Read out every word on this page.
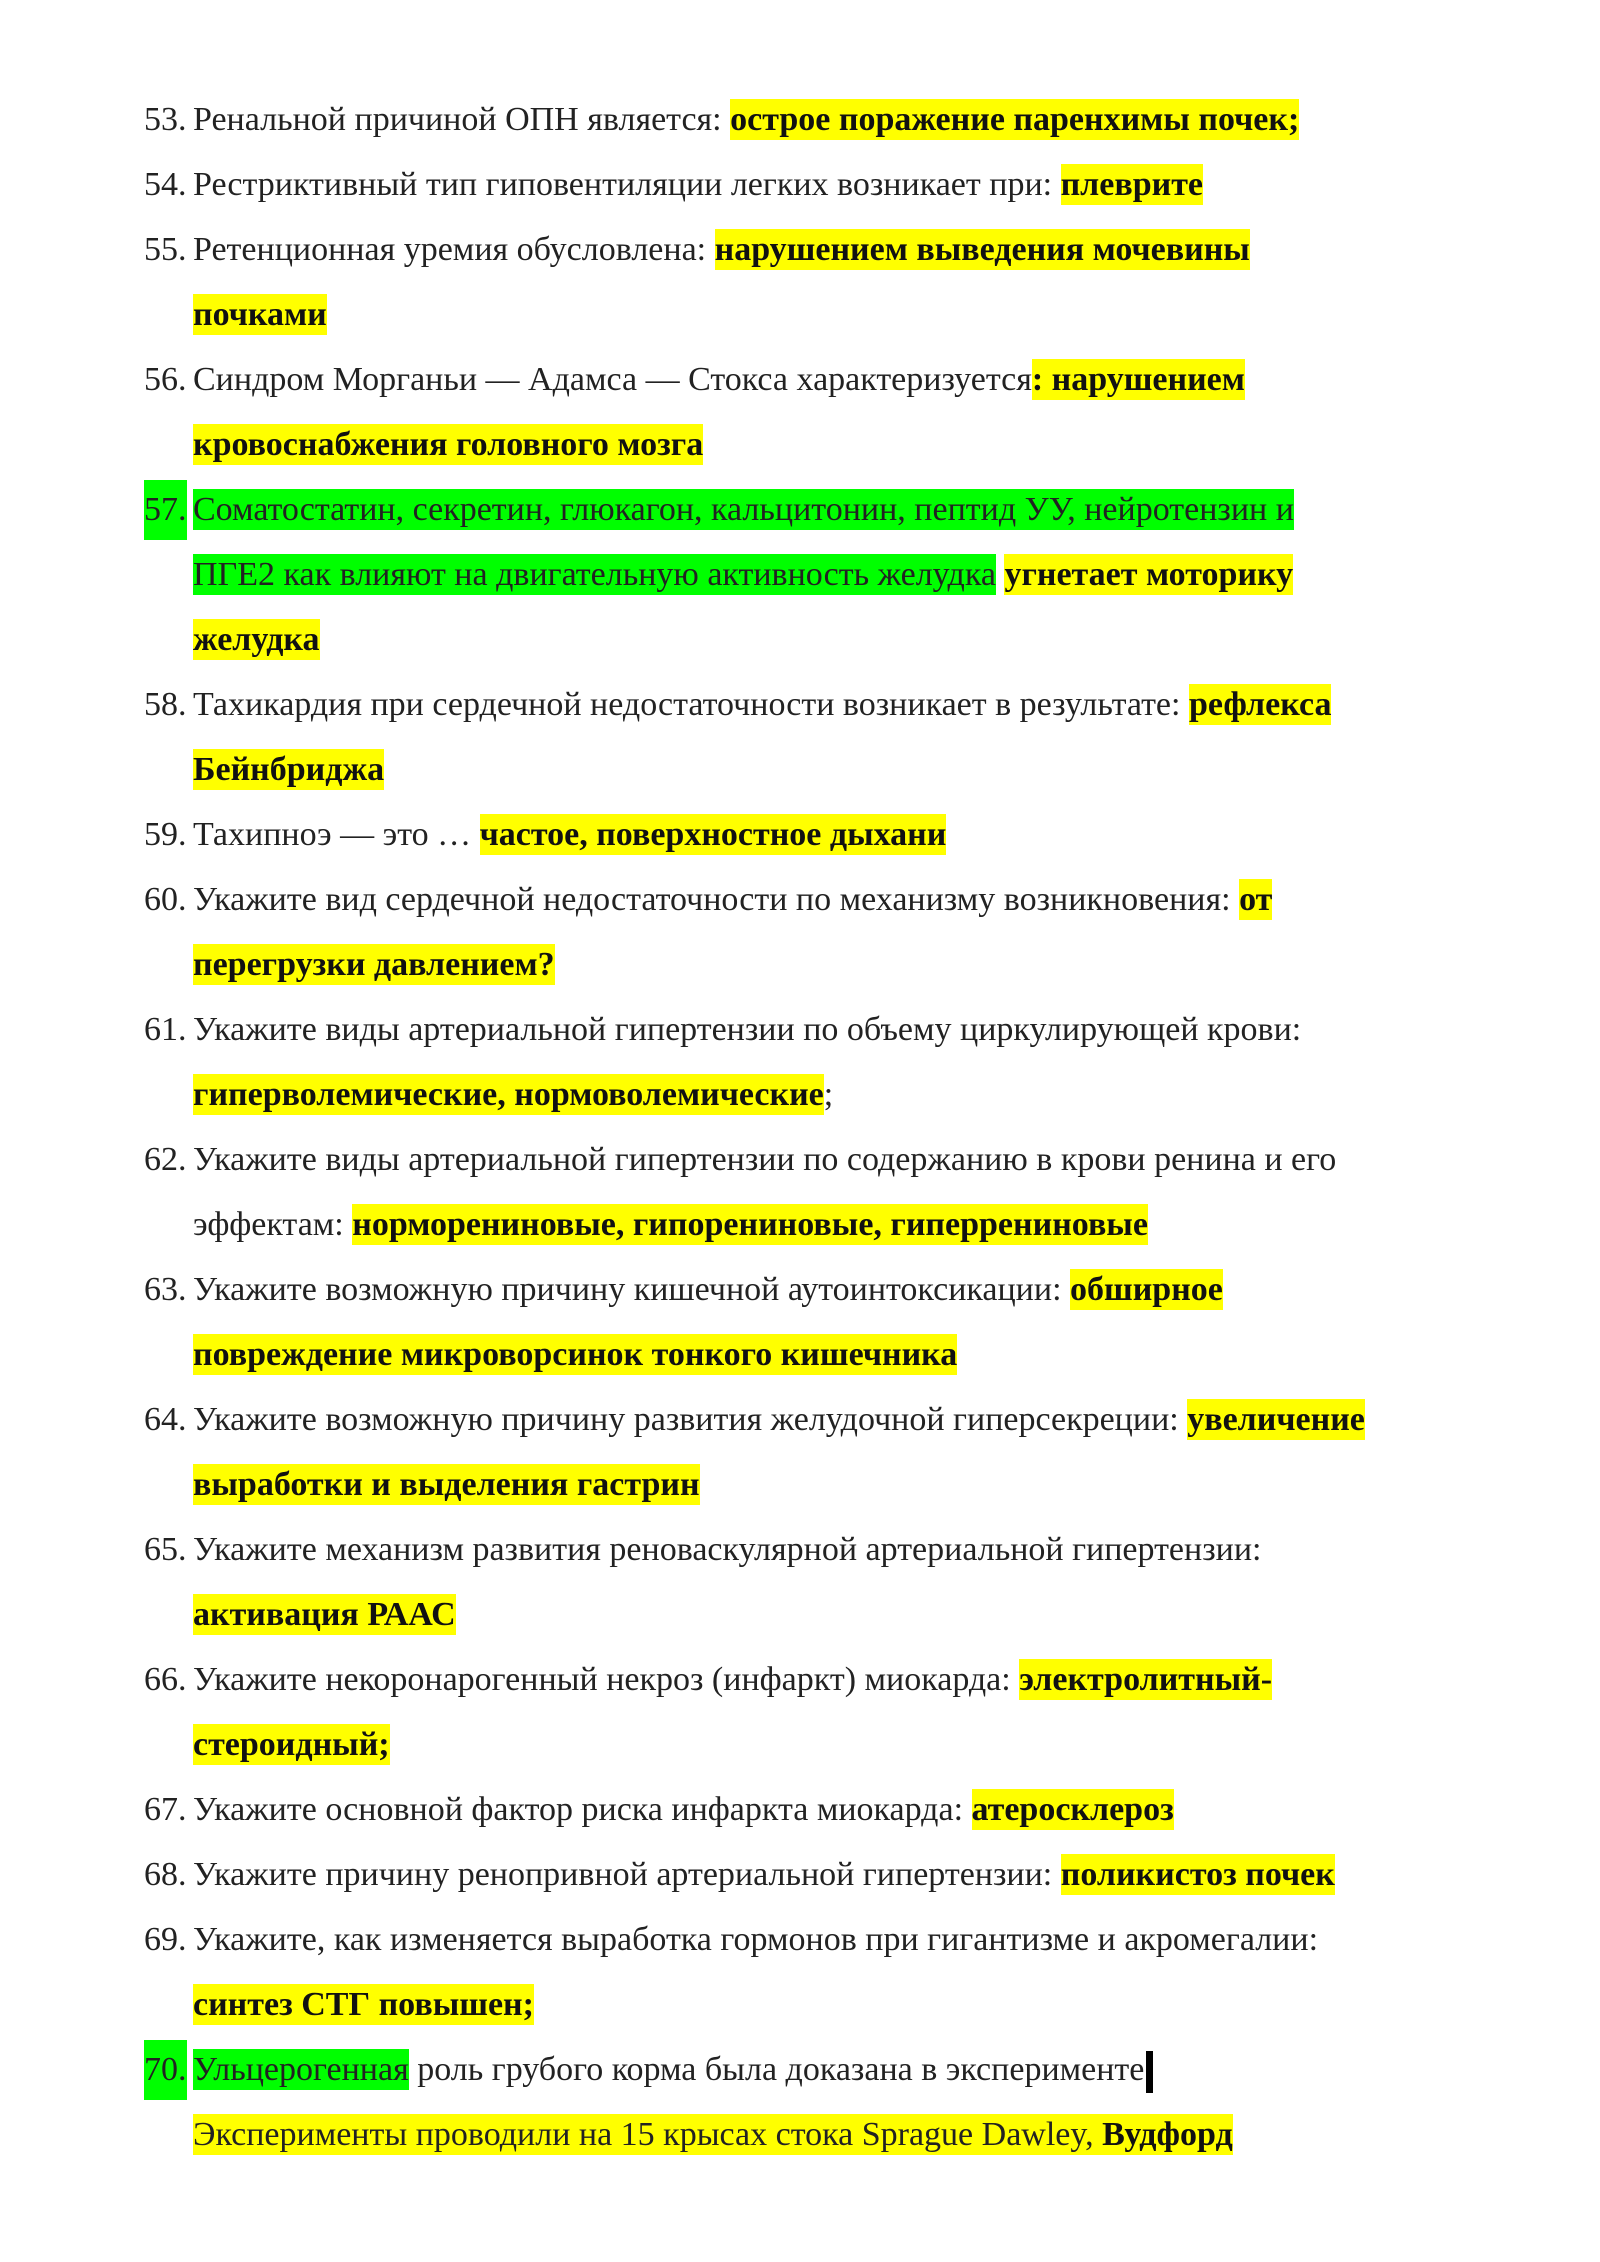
53. Ренальной причиной ОПН является: острое поражение паренхимы почек;
54. Рестриктивный тип гиповентиляции легких возникает при: плеврите
55. Ретенционная уремия обусловлена: нарушением выведения мочевины
почками
56. Синдром Морганьи — Адамса — Стокса характеризуется: нарушением
кровоснабжения головного мозга
57. Соматостатин, секретин, глюкагон, кальцитонин, пептид УУ, нейротензин и
ПГЕ2 как влияют на двигательную активность желудка угнетает моторику
желудка
58. Тахикардия при сердечной недостаточности возникает в результате: рефлекса
Бейнбриджа
59. Тахипноэ — это … частое, поверхностное дыхани
60. Укажите вид сердечной недостаточности по механизму возникновения: от
перегрузки давлением?
61. Укажите виды артериальной гипертензии по объему циркулирующей крови:
гиперволемические, нормоволемические;
62. Укажите виды артериальной гипертензии по содержанию в крови ренина и его
эффектам: норморениновые, гипорениновые, гиперрениновые
63. Укажите возможную причину кишечной аутоинтоксикации: обширное
повреждение микроворсинок тонкого кишечника
64. Укажите возможную причину развития желудочной гиперсекреции: увеличение
выработки и выделения гастрин
65. Укажите механизм развития реноваскулярной артериальной гипертензии:
активация РААС
66. Укажите некоронарогенный некроз (инфаркт) миокарда: электролитный-
стероидный;
67. Укажите основной фактор риска инфаркта миокарда: атеросклероз
68. Укажите причину ренопривной артериальной гипертензии: поликистоз почек
69. Укажите, как изменяется выработка гормонов при гигантизме и акромегалии:
синтез СТГ повышен;
70. Ульцерогенная роль грубого корма была доказана в эксперименте
Эксперименты проводили на 15 крысах стока Sprague Dawley, Вудфорд
